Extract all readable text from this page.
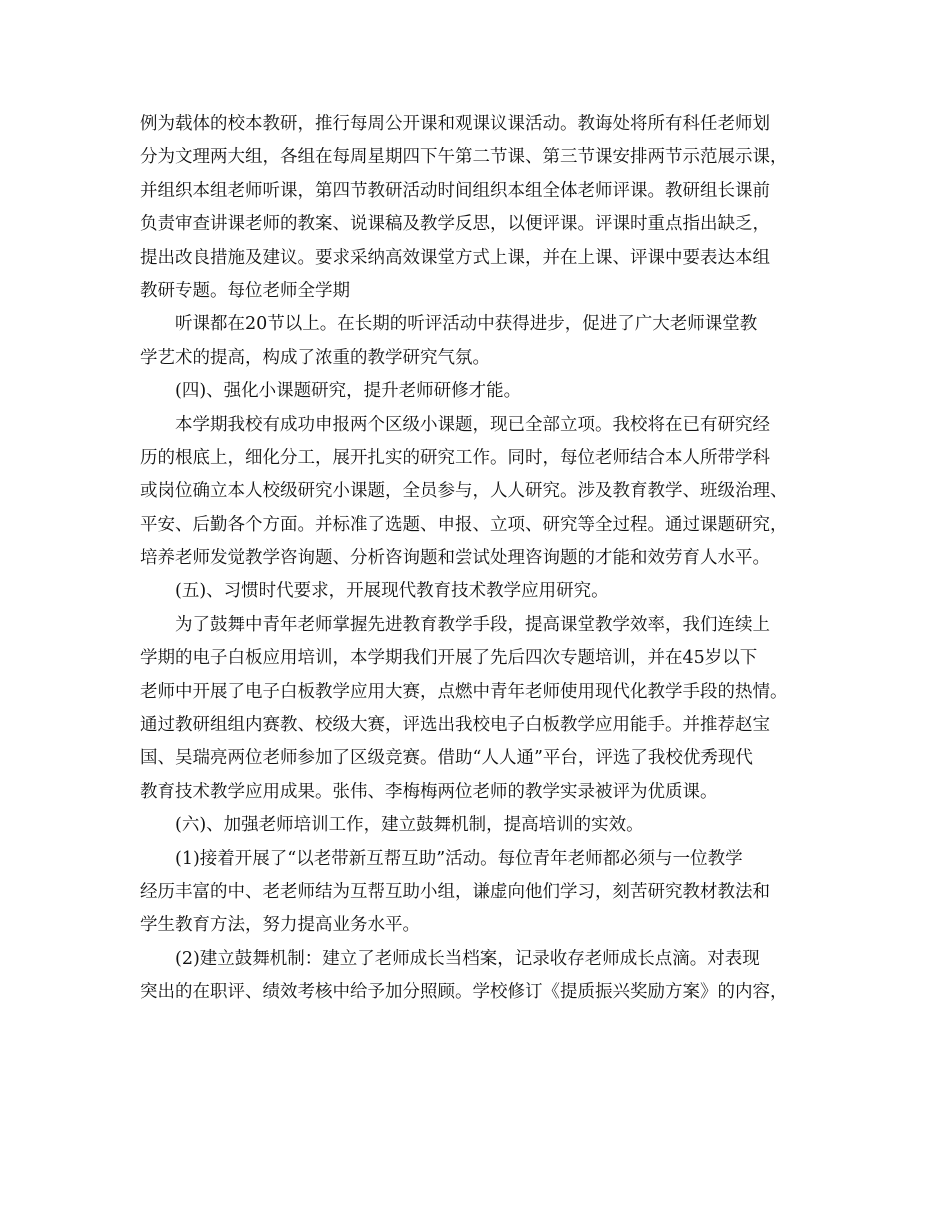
例为载体的校本教研，推行每周公开课和观课议课活动。教诲处将所有科任老师划
分为文理两大组，各组在每周星期四下午第二节课、第三节课安排两节示范展示课，
并组织本组老师听课，第四节教研活动时间组织本组全体老师评课。教研组长课前
负责审查讲课老师的教案、说课稿及教学反思，以便评课。评课时重点指出缺乏，
提出改良措施及建议。要求采纳高效课堂方式上课，并在上课、评课中要表达本组
教研专题。每位老师全学期
听课都在20节以上。在长期的听评活动中获得进步，促进了广大老师课堂教
学艺术的提高，构成了浓重的教学研究气氛。
(四)、强化小课题研究，提升老师研修才能。
本学期我校有成功申报两个区级小课题，现已全部立项。我校将在已有研究经
历的根底上，细化分工，展开扎实的研究工作。同时，每位老师结合本人所带学科
或岗位确立本人校级研究小课题，全员参与，人人研究。涉及教育教学、班级治理、
平安、后勤各个方面。并标准了选题、申报、立项、研究等全过程。通过课题研究，
培养老师发觉教学咨询题、分析咨询题和尝试处理咨询题的才能和效劳育人水平。
(五)、习惯时代要求，开展现代教育技术教学应用研究。
为了鼓舞中青年老师掌握先进教育教学手段，提高课堂教学效率，我们连续上
学期的电子白板应用培训，本学期我们开展了先后四次专题培训，并在45岁以下
老师中开展了电子白板教学应用大赛，点燃中青年老师使用现代化教学手段的热情。
通过教研组组内赛教、校级大赛，评选出我校电子白板教学应用能手。并推荐赵宝
国、吴瑞亮两位老师参加了区级竞赛。借助“人人通”平台，评选了我校优秀现代
教育技术教学应用成果。张伟、李梅梅两位老师的教学实录被评为优质课。
(六)、加强老师培训工作，建立鼓舞机制，提高培训的实效。
(1)接着开展了“以老带新互帮互助”活动。每位青年老师都必须与一位教学
经历丰富的中、老老师结为互帮互助小组，谦虚向他们学习，刻苦研究教材教法和
学生教育方法，努力提高业务水平。
(2)建立鼓舞机制：建立了老师成长当档案，记录收存老师成长点滴。对表现
突出的在职评、绩效考核中给予加分照顾。学校修订《提质振兴奖励方案》的内容，
